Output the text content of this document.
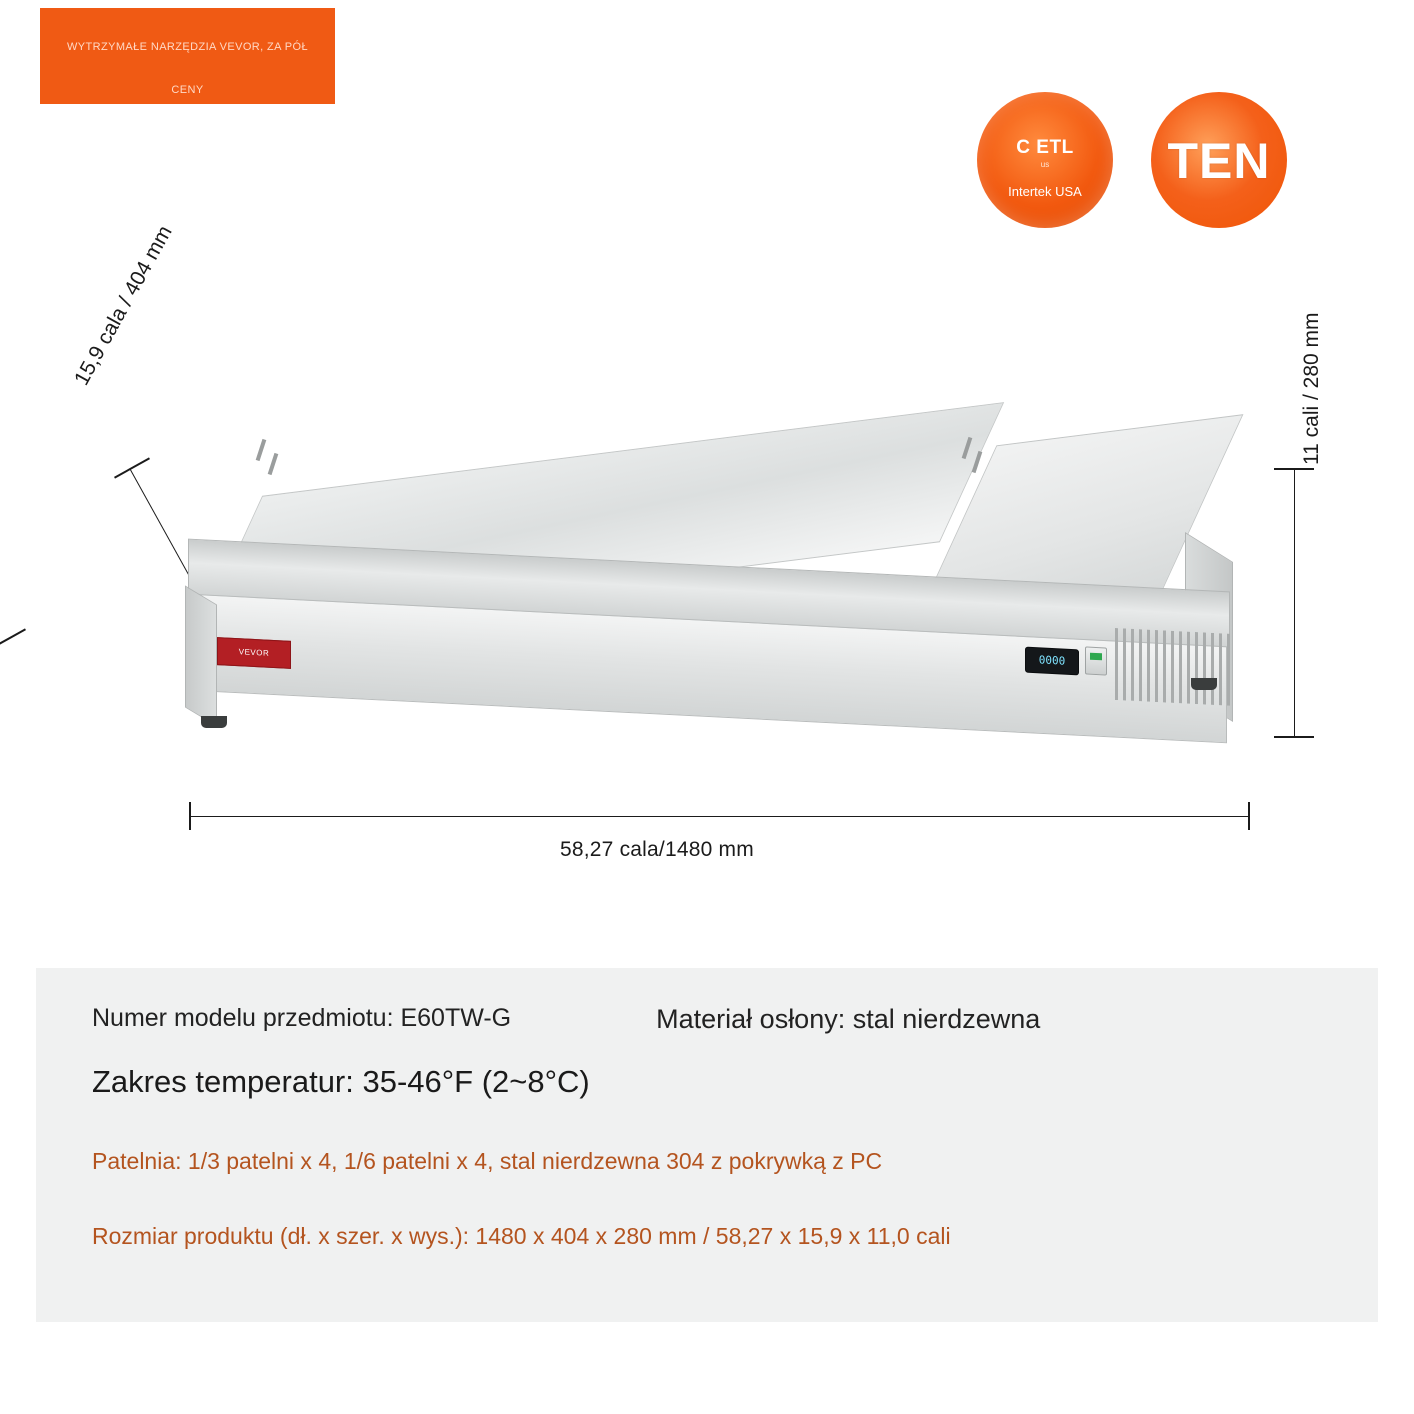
WYTRZYMAŁE NARZĘDZIA VEVOR, ZA PÓŁ
CENY
C ETL
us
Intertek USA
TEN
15,9 cala / 404 mm	11 cali / 280 mm
58,27 cala/1480 mm
VEVOR
0000
Numer modelu przedmiotu: E60TW-G	Materiał osłony: stal nierdzewna
Zakres temperatur: 35-46°F (2~8°C)
Patelnia: 1/3 patelni x 4, 1/6 patelni x 4, stal nierdzewna 304 z pokrywką z PC
Rozmiar produktu (dł. x szer. x wys.): 1480 x 404 x 280 mm / 58,27 x 15,9 x 11,0 cali
